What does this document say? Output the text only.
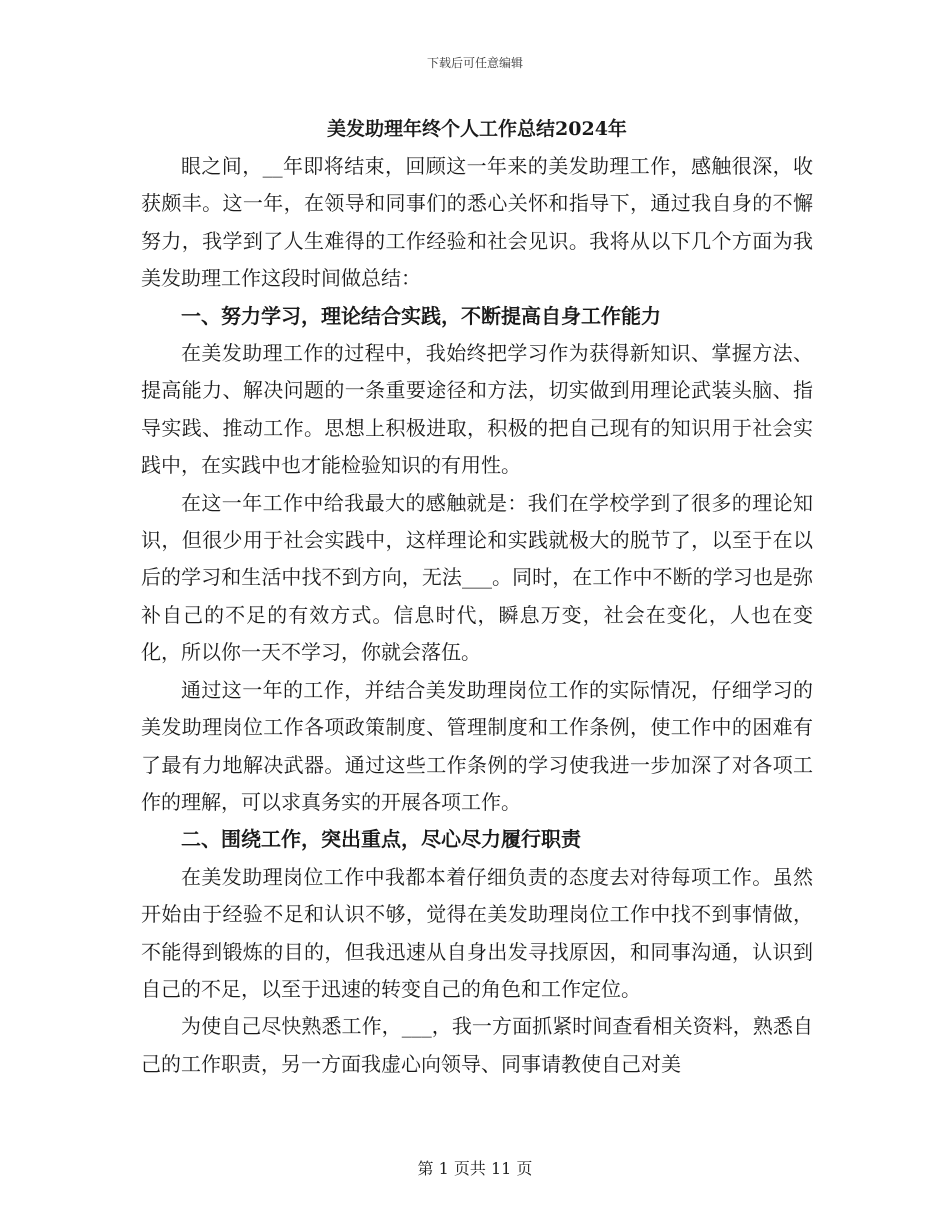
下载后可任意编辑
美发助理年终个人工作总结2024年

眼之间，__年即将结束，回顾这一年来的美发助理工作，感触很深，收获颇丰。这一年，在领导和同事们的悉心关怀和指导下，通过我自身的不懈努力，我学到了人生难得的工作经验和社会见识。我将从以下几个方面为我美发助理工作这段时间做总结：

一、努力学习，理论结合实践，不断提高自身工作能力

在美发助理工作的过程中，我始终把学习作为获得新知识、掌握方法、提高能力、解决问题的一条重要途径和方法，切实做到用理论武装头脑、指导实践、推动工作。思想上积极进取，积极的把自己现有的知识用于社会实践中，在实践中也才能检验知识的有用性。

在这一年工作中给我最大的感触就是：我们在学校学到了很多的理论知识，但很少用于社会实践中，这样理论和实践就极大的脱节了，以至于在以后的学习和生活中找不到方向，无法___。同时，在工作中不断的学习也是弥补自己的不足的有效方式。信息时代，瞬息万变，社会在变化，人也在变化，所以你一天不学习，你就会落伍。

通过这一年的工作，并结合美发助理岗位工作的实际情况，仔细学习的美发助理岗位工作各项政策制度、管理制度和工作条例，使工作中的困难有了最有力地解决武器。通过这些工作条例的学习使我进一步加深了对各项工作的理解，可以求真务实的开展各项工作。

二、围绕工作，突出重点，尽心尽力履行职责

在美发助理岗位工作中我都本着仔细负责的态度去对待每项工作。虽然开始由于经验不足和认识不够，觉得在美发助理岗位工作中找不到事情做，不能得到锻炼的目的，但我迅速从自身出发寻找原因，和同事沟通，认识到自己的不足，以至于迅速的转变自己的角色和工作定位。

为使自己尽快熟悉工作，___，我一方面抓紧时间查看相关资料，熟悉自己的工作职责，另一方面我虚心向领导、同事请教使自己对美

第 1 页共 11 页
